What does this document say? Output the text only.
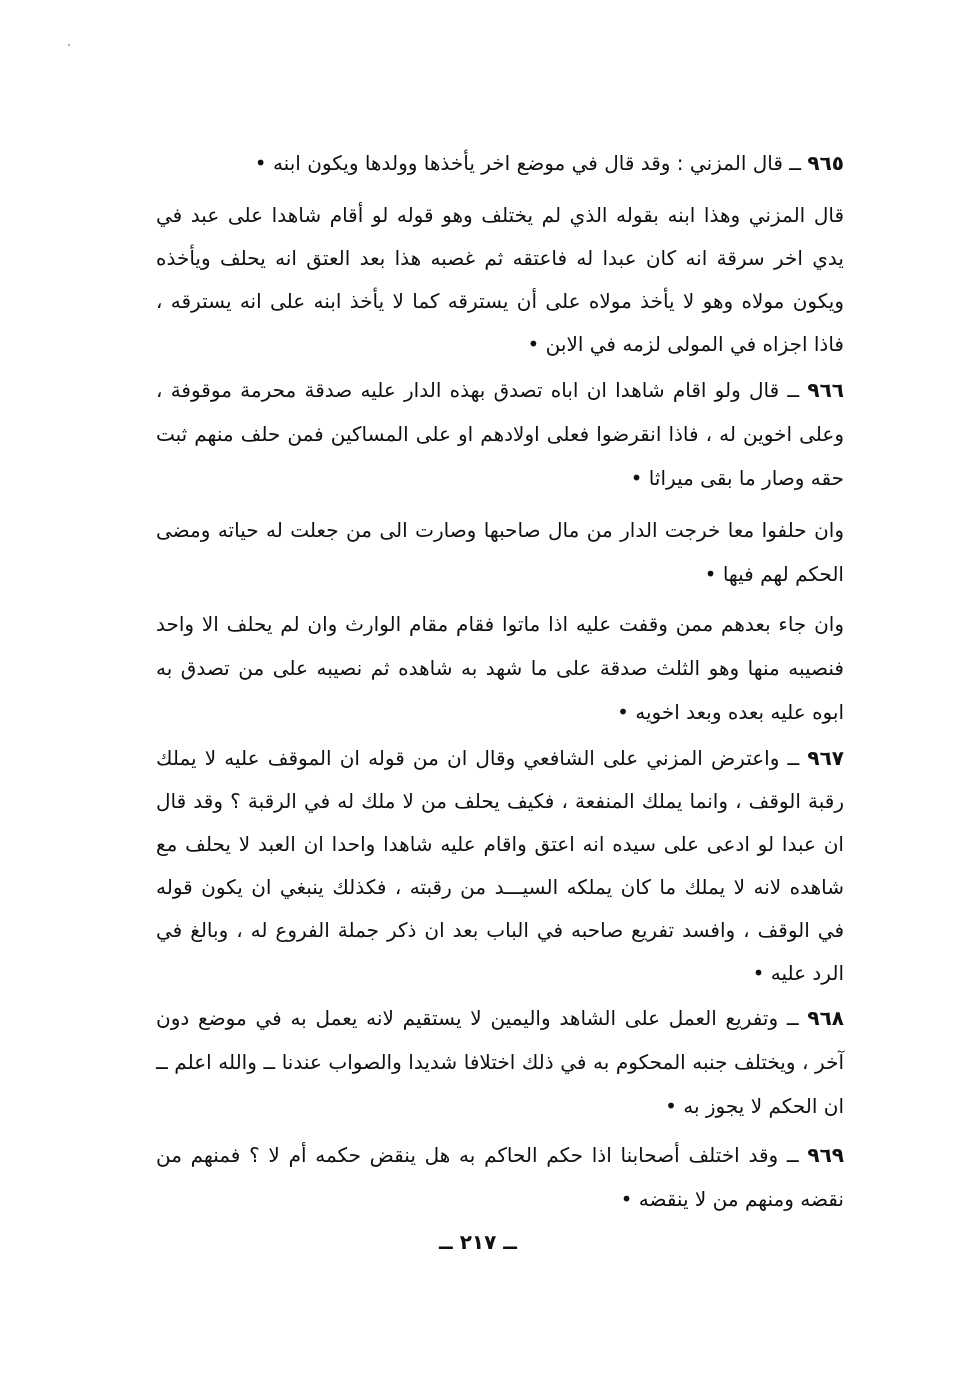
٩٦٥ ــ قال المزني : وقد قال في موضع اخر يأخذها وولدها ويكون ابنه •

قال المزني وهذا ابنه بقوله الذي لم يختلف وهو قوله لو أقام شاهدا على عبد في يدي اخر سرقة انه كان عبدا له فاعتقه ثم غصبه هذا بعد العتق انه يحلف ويأخذه ويكون مولاه وهو لا يأخذ مولاه على أن يسترقه كما لا يأخذ ابنه على انه يسترقه ، فاذا اجزاه في المولى لزمه في الابن •

٩٦٦ ــ قال ولو اقام شاهدا ان اباه تصدق بهذه الدار عليه صدقة محرمة موقوفة ، وعلى اخوين له ، فاذا انقرضوا فعلى اولادهم او على المساكين فمن حلف منهم ثبت حقه وصار ما بقى ميراثا •

وان حلفوا معا خرجت الدار من مال صاحبها وصارت الى من جعلت له حياته ومضى الحكم لهم فيها •

وان جاء بعدهم ممن وقفت عليه اذا ماتوا فقام مقام الوارث وان لم يحلف الا واحد فنصيبه منها وهو الثلث صدقة على ما شهد به شاهده ثم نصيبه على من تصدق به ابوه عليه بعده وبعد اخويه •

٩٦٧ ــ واعترض المزني على الشافعي وقال ان من قوله ان الموقف عليه لا يملك رقبة الوقف ، وانما يملك المنفعة ، فكيف يحلف من لا ملك له في الرقبة ؟ وقد قال ان عبدا لو ادعى على سيده انه اعتق واقام عليه شاهدا واحدا ان العبد لا يحلف مع شاهده لانه لا يملك ما كان يملكه السيـــد من رقبته ، فكذلك ينبغي ان يكون قوله في الوقف ، وافسد تفريع صاحبه في الباب بعد ان ذكر جملة الفروع له ، وبالغ في الرد عليه •

٩٦٨ ــ وتفريع العمل على الشاهد واليمين لا يستقيم لانه يعمل به في موضع دون آخر ، ويختلف جنبه المحكوم به في ذلك اختلافا شديدا والصواب عندنا ــ والله اعلم ــ ان الحكم لا يجوز به •

٩٦٩ ــ وقد اختلف أصحابنا اذا حكم الحاكم به هل ينقض حكمه أم لا ؟ فمنهم من نقضه ومنهم من لا ينقضه •

ــ ٢١٧ ــ
